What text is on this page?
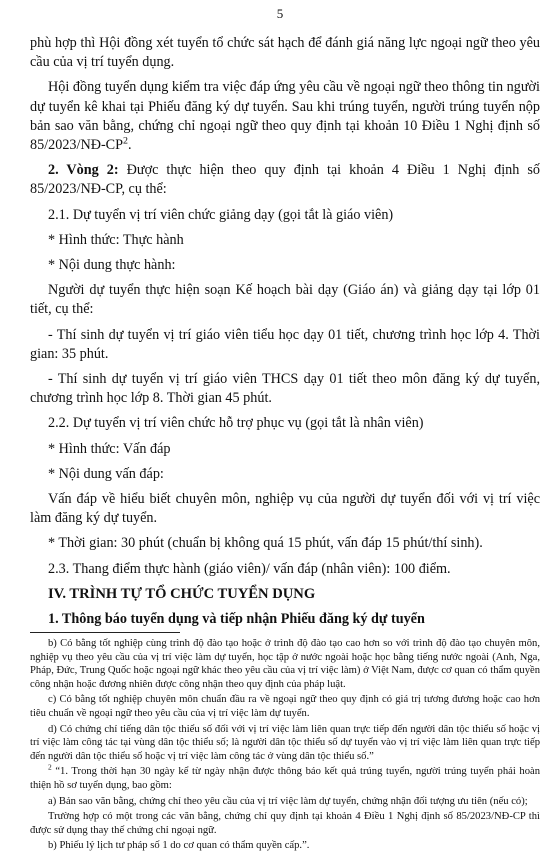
5

phù hợp thì Hội đồng xét tuyển tổ chức sát hạch để đánh giá năng lực ngoại ngữ theo yêu cầu của vị trí tuyển dụng.

Hội đồng tuyển dụng kiểm tra việc đáp ứng yêu cầu về ngoại ngữ theo thông tin người dự tuyển kê khai tại Phiếu đăng ký dự tuyển. Sau khi trúng tuyển, người trúng tuyển nộp bản sao văn bằng, chứng chỉ ngoại ngữ theo quy định tại khoản 10 Điều 1 Nghị định số $85/2023/NĐ-CP^2$.

2. Vòng 2: Được thực hiện theo quy định tại khoản 4 Điều 1 Nghị định số 85/2023/NĐ-CP, cụ thể:

2.1. Dự tuyển vị trí viên chức giảng dạy (gọi tắt là giáo viên)

* Hình thức: Thực hành

* Nội dung thực hành:

Người dự tuyển thực hiện soạn Kế hoạch bài dạy (Giáo án) và giảng dạy tại lớp 01 tiết, cụ thể:

- Thí sinh dự tuyển vị trí giáo viên tiểu học dạy 01 tiết, chương trình học lớp 4. Thời gian: 35 phút.

- Thí sinh dự tuyển vị trí giáo viên THCS dạy 01 tiết theo môn đăng ký dự tuyển, chương trình học lớp 8. Thời gian 45 phút.

2.2. Dự tuyển vị trí viên chức hỗ trợ phục vụ (gọi tắt là nhân viên)

* Hình thức: Vấn đáp

* Nội dung vấn đáp:

Vấn đáp về hiểu biết chuyên môn, nghiệp vụ của người dự tuyển đối với vị trí việc làm đăng ký dự tuyển.

* Thời gian: 30 phút (chuẩn bị không quá 15 phút, vấn đáp 15 phút/thí sinh).

2.3. Thang điểm thực hành (giáo viên)/ vấn đáp (nhân viên): 100 điểm.

IV. TRÌNH TỰ TỔ CHỨC TUYỂN DỤNG

1. Thông báo tuyển dụng và tiếp nhận Phiếu đăng ký dự tuyển

b) Có bằng tốt nghiệp cùng trình độ đào tạo hoặc ở trình độ đào tạo cao hơn so với trình độ đào tạo chuyên môn, nghiệp vụ theo yêu cầu của vị trí việc làm dự tuyển, học tập ở nước ngoài hoặc học bằng tiếng nước ngoài (Anh, Nga, Pháp, Đức, Trung Quốc hoặc ngoại ngữ khác theo yêu cầu của vị trí việc làm) ở Việt Nam, được cơ quan có thẩm quyền công nhận hoặc đương nhiên được công nhận theo quy định của pháp luật.

c) Có bằng tốt nghiệp chuyên môn chuẩn đầu ra về ngoại ngữ theo quy định có giá trị tương đương hoặc cao hơn tiêu chuẩn về ngoại ngữ theo yêu cầu của vị trí việc làm dự tuyển.

d) Có chứng chỉ tiếng dân tộc thiểu số đối với vị trí việc làm liên quan trực tiếp đến người dân tộc thiểu số hoặc vị trí việc làm công tác tại vùng dân tộc thiểu số; là người dân tộc thiểu số dự tuyển vào vị trí việc làm liên quan trực tiếp đến người dân tộc thiểu số hoặc vị trí việc làm công tác ở vùng dân tộc thiểu số.”

$^2$ “1. Trong thời hạn 30 ngày kể từ ngày nhận được thông báo kết quả trúng tuyển, người trúng tuyển phải hoàn thiện hồ sơ tuyển dụng, bao gồm:

a) Bản sao văn bằng, chứng chỉ theo yêu cầu của vị trí việc làm dự tuyển, chứng nhận đối tượng ưu tiên (nếu có);

Trường hợp có một trong các văn bằng, chứng chỉ quy định tại khoản 4 Điều 1 Nghị định số 85/2023/NĐ-CP thì được sử dụng thay thế chứng chỉ ngoại ngữ.

b) Phiếu lý lịch tư pháp số 1 do cơ quan có thẩm quyền cấp.”.
